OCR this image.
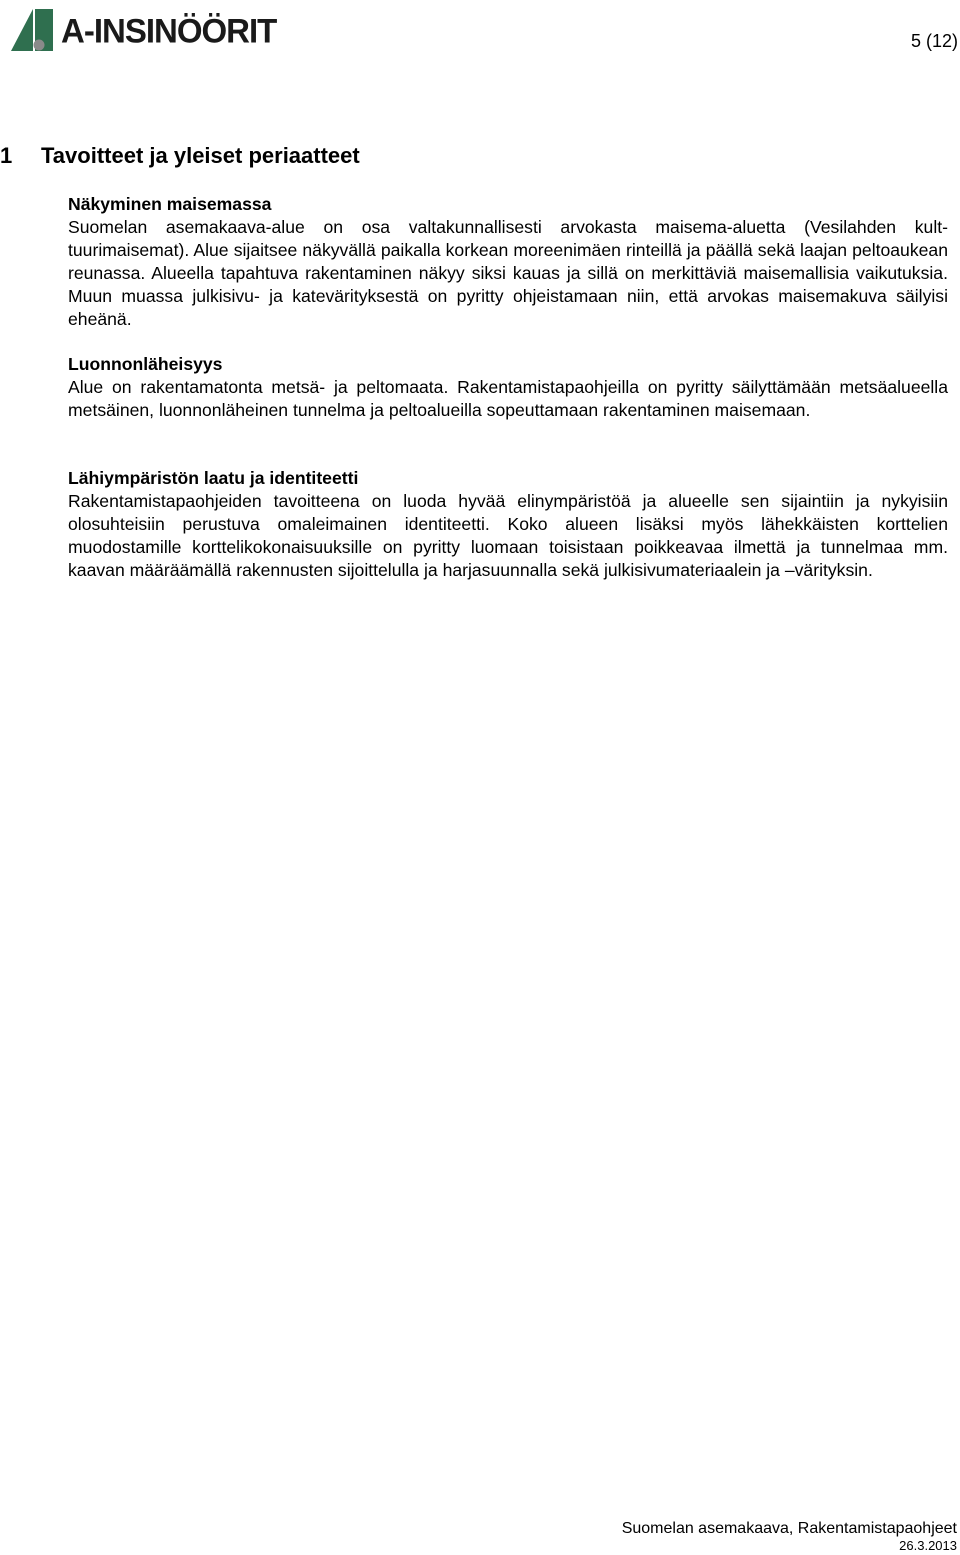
A-INSINÖÖRIT	5 (12)
1 Tavoitteet ja yleiset periaatteet
Näkyminen maisemassa

Suomelan asemakaava-alue on osa valtakunnallisesti arvokasta maisema-aluetta (Vesilahden kulttuurimaisemat). Alue sijaitsee näkyvällä paikalla korkean moreenimäen rinteillä ja päällä sekä laajan peltoaukean reunassa. Alueella tapahtuva rakentaminen näkyy siksi kauas ja sillä on merkittäviä maisemallisia vaikutuksia. Muun muassa julkisivu- ja katevärityksestä on pyritty ohjeistamaan niin, että arvokas maisemakuva säilyisi eheänä.

Luonnonläheisyys

Alue on rakentamatonta metsä- ja peltomaata. Rakentamistapaohjeilla on pyritty säilyttämään metsäalueella metsäinen, luonnonläheinen tunnelma ja peltoalueilla sopeuttamaan rakentaminen maisemaan.

Lähiympäristön laatu ja identiteetti

Rakentamistapaohjeiden tavoitteena on luoda hyvää elinympäristöä ja alueelle sen sijaintiin ja nykyisiin olosuhteisiin perustuva omaleimainen identiteetti. Koko alueen lisäksi myös lähekkäisten korttelien muodostamille korttelikokonaisuuksille on pyritty luomaan toisistaan poikkeavaa ilmettä ja tunnelmaa mm. kaavan määräämällä rakennusten sijoittelulla ja harjasuunnalla sekä julkisivumateriaalein ja –värityksin.

Suomelan asemakaava, Rakentamistapaohjeet
26.3.2013
